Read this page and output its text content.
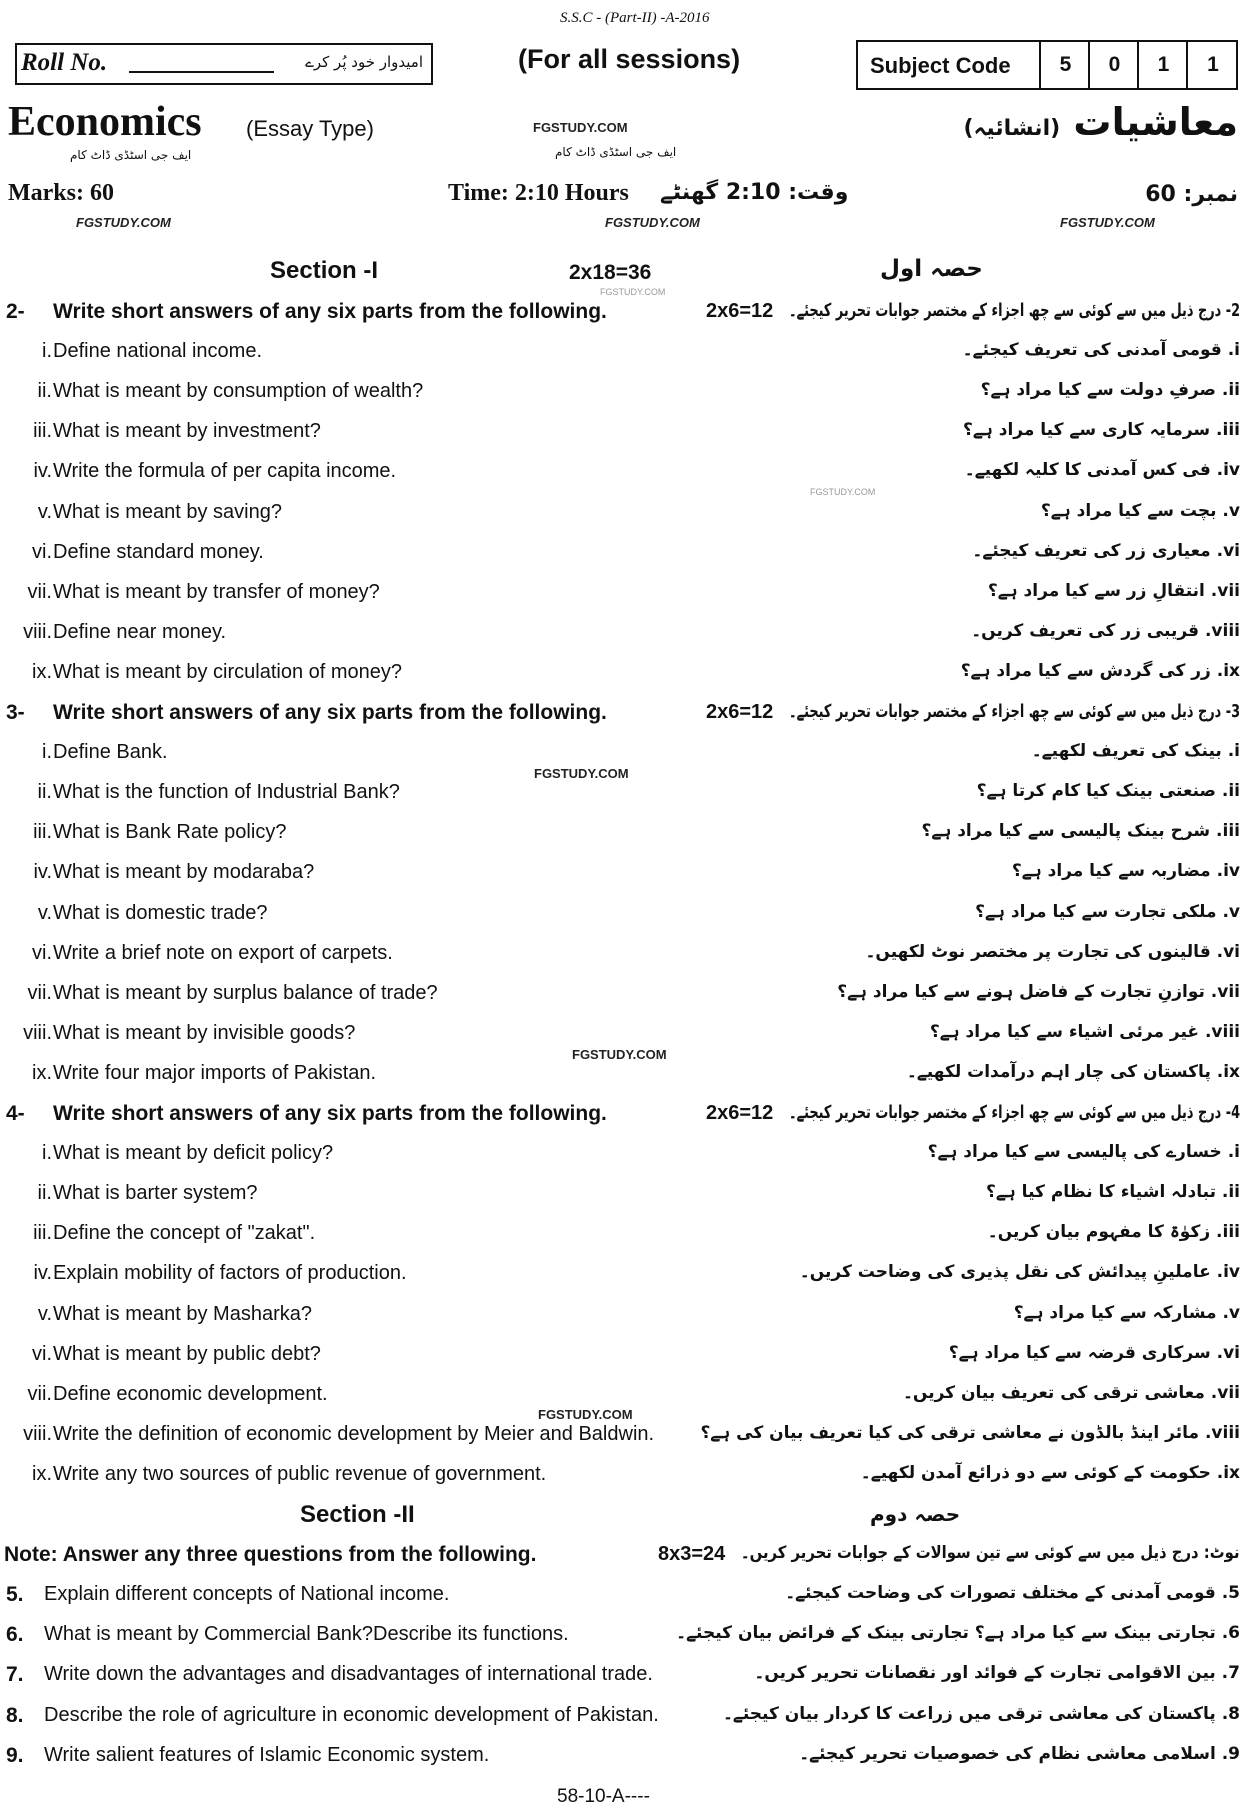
S.S.C - (Part-II) -A-2016
Roll No.	امیدوار خود پُر کرے	(For all sessions)	Subject Code	5	0	1	1
Economics (Essay Type)
ایف جی اسٹڈی ڈاٹ کام
FGSTUDY.COM
ایف جی اسٹڈی ڈاٹ کام
معاشیات (انشائیہ)
Marks: 60	Time: 2:10 Hours وقت: 2:10 گھنٹے	نمبر: 60
FGSTUDY.COM	FGSTUDY.COM	FGSTUDY.COM
Section -I	2x18=36	حصہ اول
2- Write short answers of any six parts from the following.	2x6=12 2- درج ذیل میں سے کوئی سے چھ اجزاء کے مختصر جوابات تحریر کیجئے۔
i. Define national income.	i. قومی آمدنی کی تعریف کیجئے۔
ii. What is meant by consumption of wealth?	ii. صرفِ دولت سے کیا مراد ہے؟
iii. What is meant by investment?	iii. سرمایہ کاری سے کیا مراد ہے؟
iv. Write the formula of per capita income.	iv. فی کس آمدنی کا کلیہ لکھیے۔
v. What is meant by saving?	v. بچت سے کیا مراد ہے؟
vi. Define standard money.	vi. معیاری زر کی تعریف کیجئے۔
vii. What is meant by transfer of money?	vii. انتقالِ زر سے کیا مراد ہے؟
viii. Define near money.	viii. قریبی زر کی تعریف کریں۔
ix. What is meant by circulation of money?	ix. زر کی گردش سے کیا مراد ہے؟
3- Write short answers of any six parts from the following.	2x6=12 3- درج ذیل میں سے کوئی سے چھ اجزاء کے مختصر جوابات تحریر کیجئے۔
i. Define Bank.	i. بینک کی تعریف لکھیے۔
ii. What is the function of Industrial Bank?	ii. صنعتی بینک کیا کام کرتا ہے؟
iii. What is Bank Rate policy?	iii. شرح بینک پالیسی سے کیا مراد ہے؟
iv. What is meant by modaraba?	iv. مضاربہ سے کیا مراد ہے؟
v. What is domestic trade?	v. ملکی تجارت سے کیا مراد ہے؟
vi. Write a brief note on export of carpets.	vi. قالینوں کی تجارت پر مختصر نوٹ لکھیں۔
vii. What is meant by surplus balance of trade?	vii. توازنِ تجارت کے فاضل ہونے سے کیا مراد ہے؟
viii. What is meant by invisible goods?	viii. غیر مرئی اشیاء سے کیا مراد ہے؟
ix. Write four major imports of Pakistan.	ix. پاکستان کی چار اہم درآمدات لکھیے۔
4- Write short answers of any six parts from the following.	2x6=12 4- درج ذیل میں سے کوئی سے چھ اجزاء کے مختصر جوابات تحریر کیجئے۔
i. What is meant by deficit policy?	i. خسارے کی پالیسی سے کیا مراد ہے؟
ii. What is barter system?	ii. تبادلہ اشیاء کا نظام کیا ہے؟
iii. Define the concept of "zakat".	iii. زکوٰۃ کا مفہوم بیان کریں۔
iv. Explain mobility of factors of production.	iv. عاملینِ پیدائش کی نقل پذیری کی وضاحت کریں۔
v. What is meant by Masharka?	v. مشارکہ سے کیا مراد ہے؟
vi. What is meant by public debt?	vi. سرکاری قرضہ سے کیا مراد ہے؟
vii. Define economic development.	vii. معاشی ترقی کی تعریف بیان کریں۔
viii. Write the definition of economic development by Meier and Baldwin.	viii. مائر اینڈ بالڈون نے معاشی ترقی کی کیا تعریف بیان کی ہے؟
ix. Write any two sources of public revenue of government.	ix. حکومت کے کوئی سے دو ذرائع آمدن لکھیے۔
Section -II	حصہ دوم
8x3=24 نوٹ: درج ذیل میں سے کوئی سے تین سوالات کے جوابات تحریر کریں۔
Note: Answer any three questions from the following.
5. Explain different concepts of National income.	5. قومی آمدنی کے مختلف تصورات کی وضاحت کیجئے۔
6. What is meant by Commercial Bank?Describe its functions.	6. تجارتی بینک سے کیا مراد ہے؟ تجارتی بینک کے فرائض بیان کیجئے۔
7. Write down the advantages and disadvantages of international trade.	7. بین الاقوامی تجارت کے فوائد اور نقصانات تحریر کریں۔
8. Describe the role of agriculture in economic development of Pakistan.	8. پاکستان کی معاشی ترقی میں زراعت کا کردار بیان کیجئے۔
9. Write salient features of Islamic Economic system.	9. اسلامی معاشی نظام کی خصوصیات تحریر کیجئے۔
FGSTUDY.COM
FGSTUDY.COM
FGSTUDY.COM
FGSTUDY.COM
FGSTUDY.COM
58-10-A----
